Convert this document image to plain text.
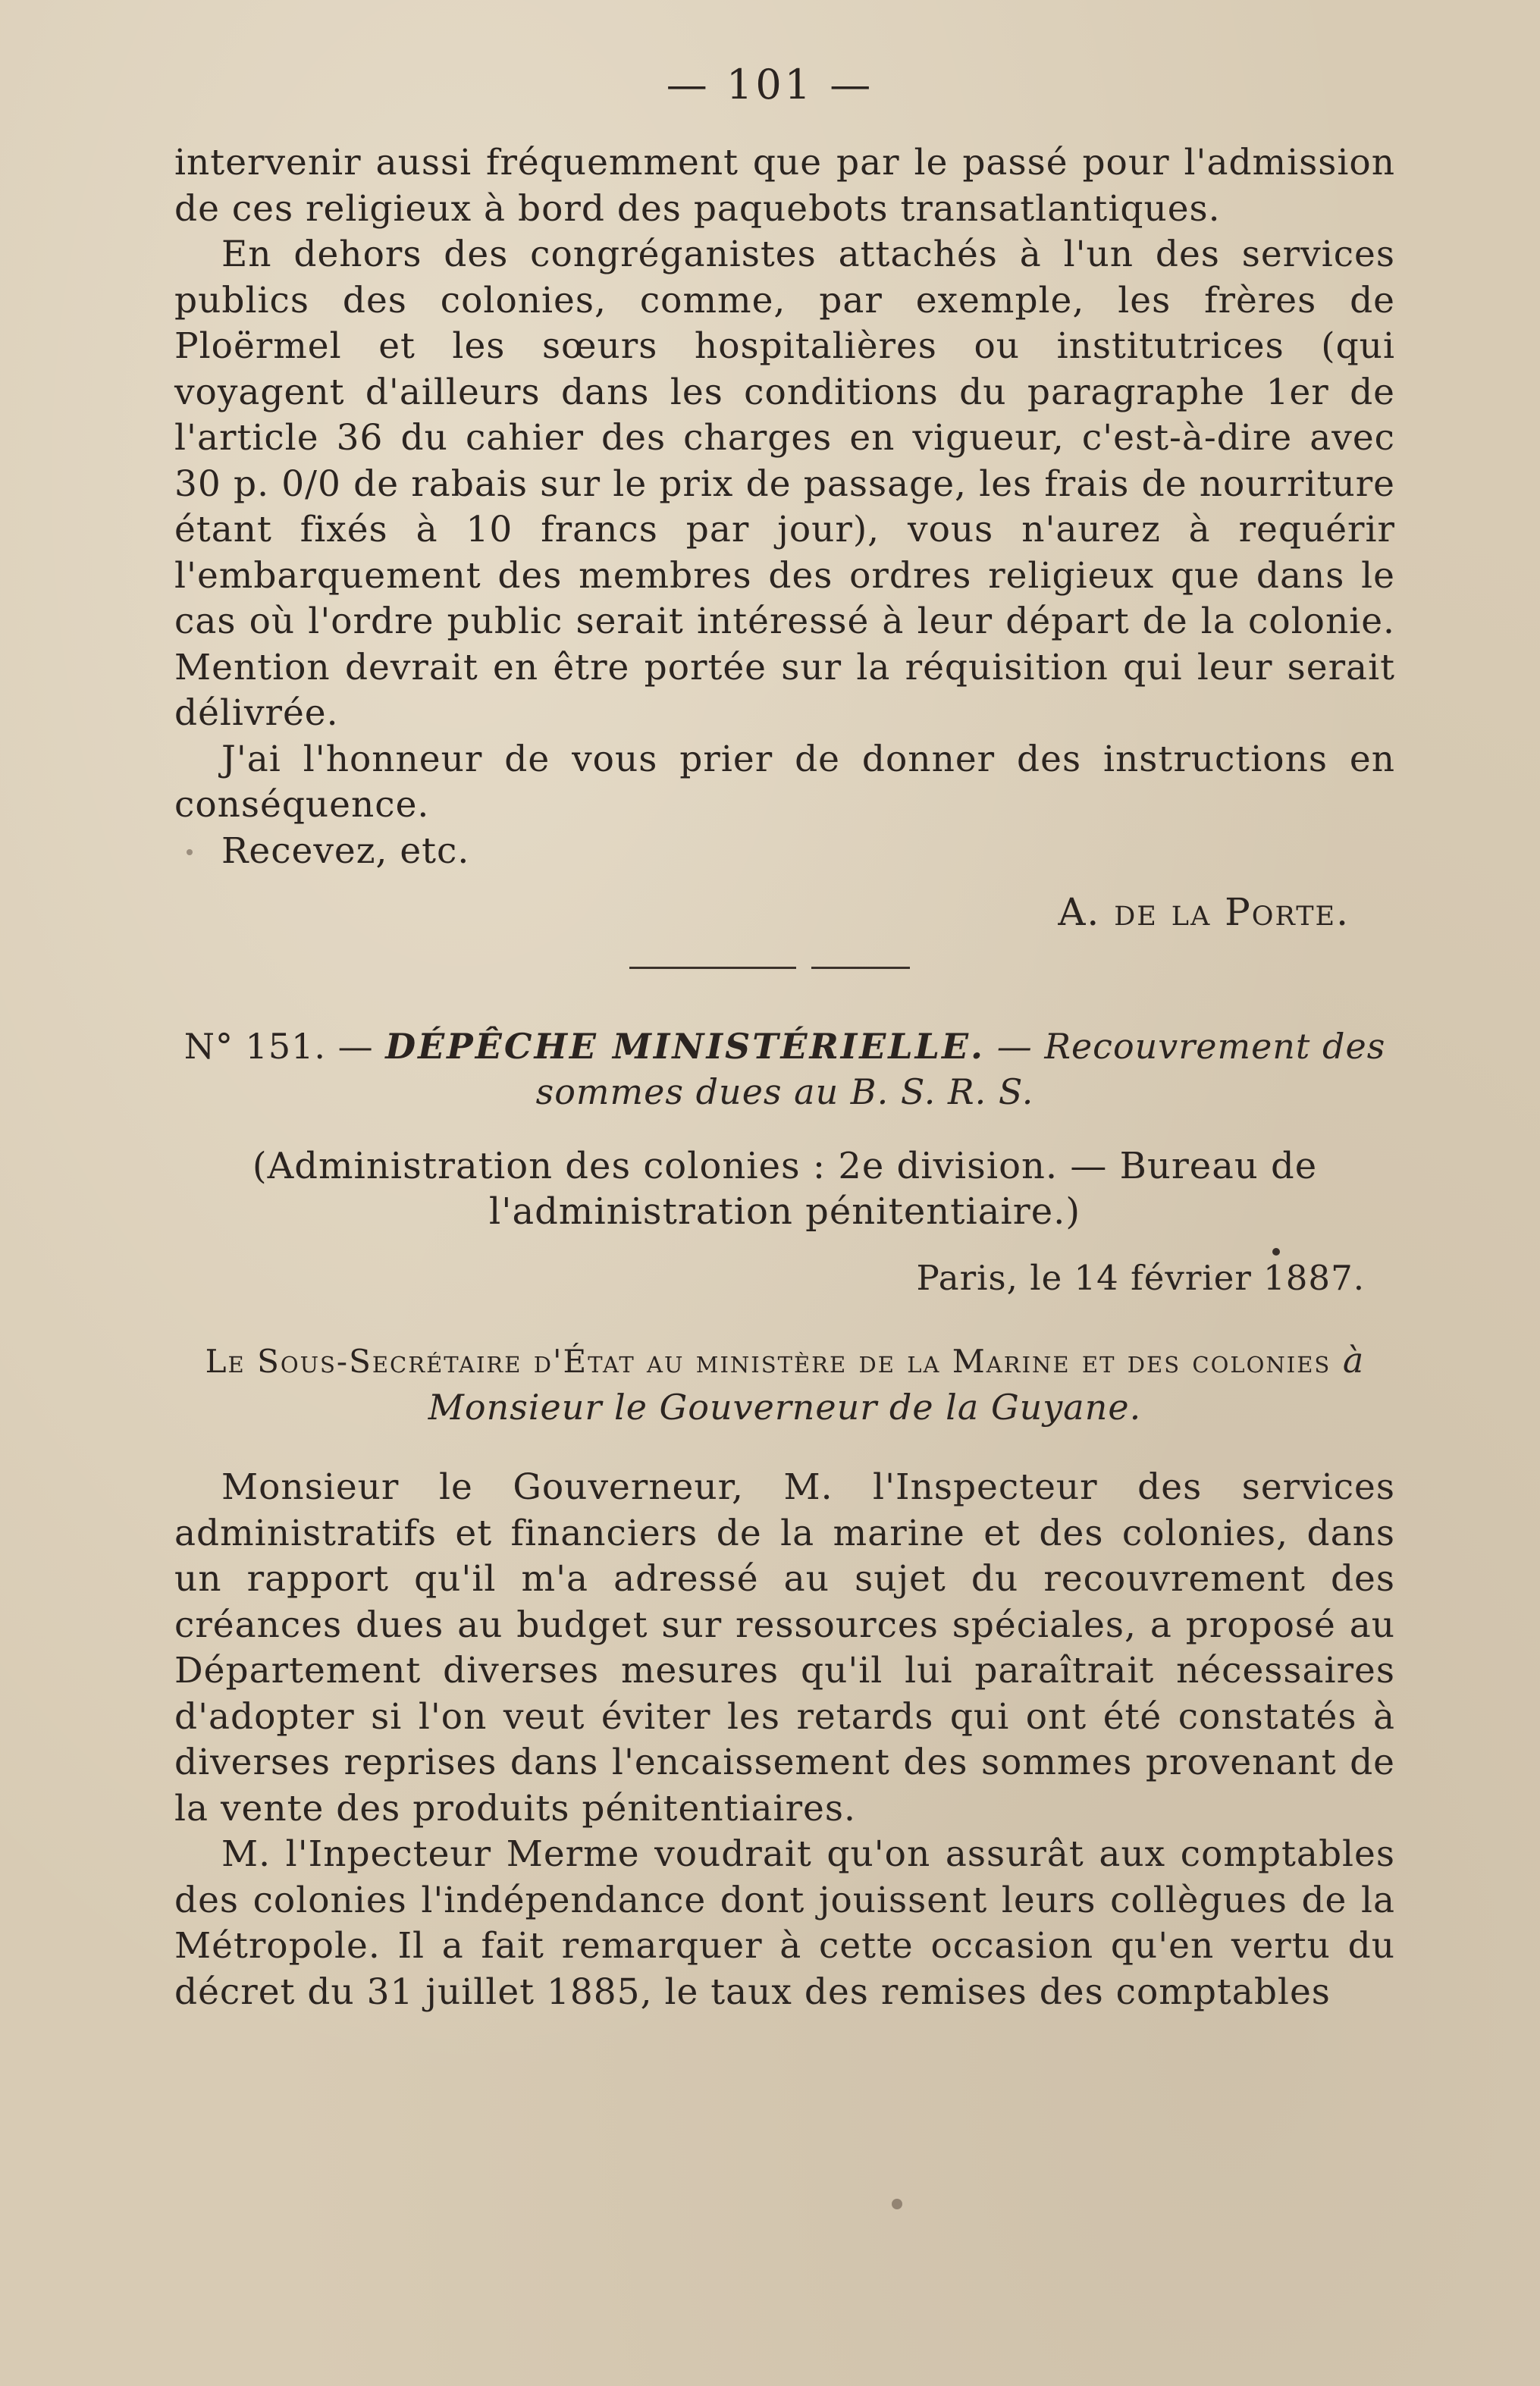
— 101 —

intervenir aussi fréquemment que par le passé pour l'admission de ces religieux à bord des paquebots transatlantiques.

En dehors des congréganistes attachés à l'un des services publics des colonies, comme, par exemple, les frères de Ploërmel et les sœurs hospitalières ou institutrices (qui voyagent d'ailleurs dans les conditions du paragraphe 1er de l'article 36 du cahier des charges en vigueur, c'est-à-dire avec 30 p. 0/0 de rabais sur le prix de passage, les frais de nourriture étant fixés à 10 francs par jour), vous n'aurez à requérir l'embarquement des membres des ordres religieux que dans le cas où l'ordre public serait intéressé à leur départ de la colonie. Mention devrait en être portée sur la réquisition qui leur serait délivrée.

J'ai l'honneur de vous prier de donner des instructions en conséquence.

Recevez, etc.

A. de la Porte.
N° 151. — DÉPÊCHE MINISTÉRIELLE. — Recouvrement des sommes dues au B. S. R. S.
(Administration des colonies : 2e division. — Bureau de l'administration pénitentiaire.)
Paris, le 14 février 1887.
Le Sous-Secrétaire d'État au ministère de la Marine et des colonies à Monsieur le Gouverneur de la Guyane.

Monsieur le Gouverneur, M. l'Inspecteur des services administratifs et financiers de la marine et des colonies, dans un rapport qu'il m'a adressé au sujet du recouvrement des créances dues au budget sur ressources spéciales, a proposé au Département diverses mesures qu'il lui paraîtrait nécessaires d'adopter si l'on veut éviter les retards qui ont été constatés à diverses reprises dans l'encaissement des sommes provenant de la vente des produits pénitentiaires.

M. l'Inpecteur Merme voudrait qu'on assurât aux comptables des colonies l'indépendance dont jouissent leurs collègues de la Métropole. Il a fait remarquer à cette occasion qu'en vertu du décret du 31 juillet 1885, le taux des remises des comptables
